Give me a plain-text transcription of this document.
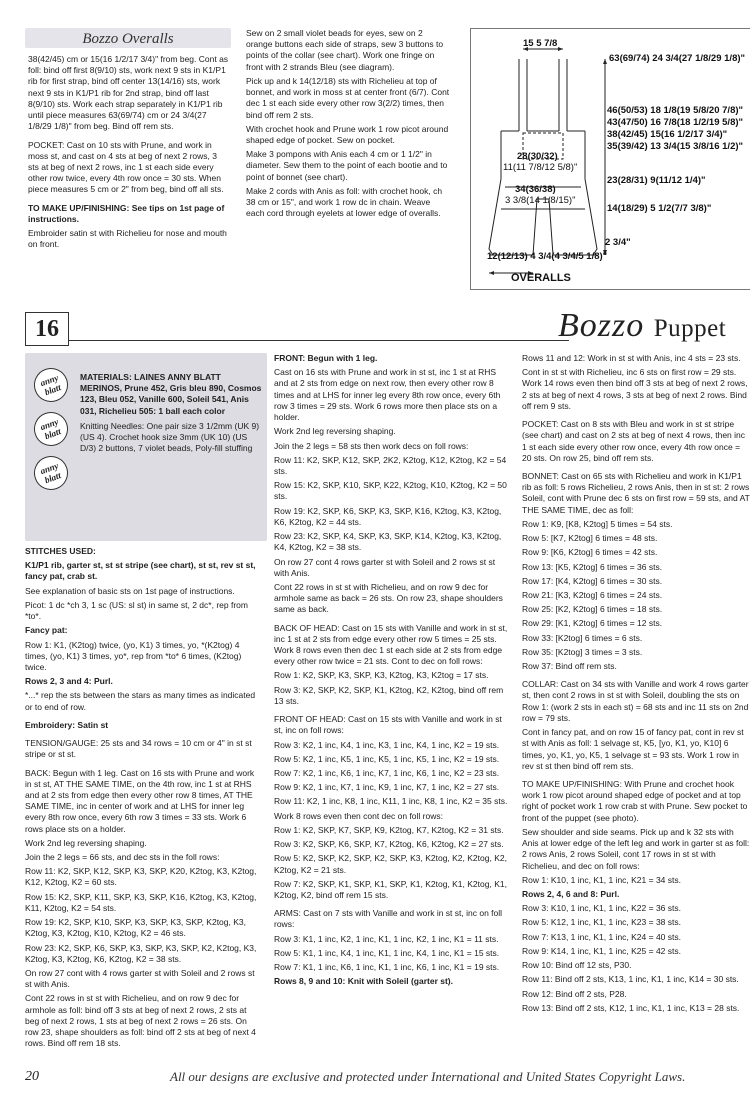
Bozzo Overalls

38(42/45) cm or 15(16 1/2/17 3/4)" from beg. Cont as foll: bind off first 8(9/10) sts, work next 9 sts in K1/P1 rib for first strap, bind off center 13(14/16) sts, work next 9 sts in K1/P1 rib for 2nd strap, bind off last 8(9/10) sts. Work each strap separately in K1/P1 rib until piece measures 63(69/74) cm or 24 3/4(27 1/8/29 1/8)" from beg. Bind off rem sts.

POCKET: Cast on 10 sts with Prune, and work in moss st, and cast on 4 sts at beg of next 2 rows, 3 sts at beg of next 2 rows, inc 1 st each side every other row twice, every 4th row once = 30 sts. When piece measures 5 cm or 2" from beg, bind off all sts.

TO MAKE UP/FINISHING: See tips on 1st page of instructions.

Embroider satin st with Richelieu for nose and mouth on front.

Sew on 2 small violet beads for eyes, sew on 2 orange buttons each side of straps, sew 3 buttons to points of the collar (see chart). Work one fringe on front with 2 strands Bleu (see diagram).

Pick up and k 14(12/18) sts with Richelieu at top of bonnet, and work in moss st at center front (6/7). Cont dec 1 st each side every other row 3(2/2) times, then bind off rem 2 sts.

With crochet hook and Prune work 1 row picot around shaped edge of pocket. Sew on pocket.

Make 3 pompons with Anis each 4 cm or 1 1/2" in diameter. Sew them to the point of each bootie and to point of bonnet (see chart).

Make 2 cords with Anis as foll: with crochet hook, ch 38 cm or 15", and work 1 row dc in chain. Weave each cord through eyelets at lower edge of overalls.

15 5 7/8
63(69/74) 24 3/4(27 1/8/29 1/8)"
46(50/53) 18 1/8(19 5/8/20 7/8)"
43(47/50) 16 7/8(18 1/2/19 5/8)"
38(42/45) 15(16 1/2/17 3/4)"
35(39/42) 13 3/4(15 3/8/16 1/2)"
28(30/32)
11(11 7/8/12 5/8)"
34(36/38)
3 3/8(14 1/8/15)"
23(28/31) 9(11/12 1/4)"
14(18/29) 5 1/2(7/7 3/8)"
2 3/4"
12(12/13) 4 3/4(4 3/4/5 1/8)"
OVERALLS
16	Bozzo Puppet
anny blatt
anny blatt
anny blatt

MATERIALS: LAINES ANNY BLATT MERINOS, Prune 452, Gris bleu 890, Cosmos 123, Bleu 052, Vanille 600, Soleil 541, Anis 031, Richelieu 505: 1 ball each color

Knitting Needles: One pair size 3 1/2mm (UK 9) (US 4). Crochet hook size 3mm (UK 10) (US D/3) 2 buttons, 7 violet beads, Poly-fill stuffing

STITCHES USED:

K1/P1 rib, garter st, st st stripe (see chart), st st, rev st st, fancy pat, crab st.

See explanation of basic sts on 1st page of instructions.

Picot: 1 dc *ch 3, 1 sc (US: sl st) in same st, 2 dc*, rep from *to*.

Fancy pat:

Row 1: K1, (K2tog) twice, (yo, K1) 3 times, yo, *(K2tog) 4 times, (yo, K1) 3 times, yo*, rep from *to* 6 times, (K2tog) twice.

Rows 2, 3 and 4: Purl.

*...* rep the sts between the stars as many times as indicated or to end of row.

Embroidery: Satin st

TENSION/GAUGE: 25 sts and 34 rows = 10 cm or 4" in st st stripe or st st.

BACK: Begun with 1 leg. Cast on 16 sts with Prune and work in st st, AT THE SAME TIME, on the 4th row, inc 1 st at RHS and at 2 sts from edge then every other row 8 times, AT THE SAME TIME, inc in center of work and at LHS for inner leg every 8th row once, every 6th row 3 times = 33 sts. Work 6 rows place sts on a holder.

Work 2nd leg reversing shaping.

Join the 2 legs = 66 sts, and dec sts in the foll rows:

Row 11: K2, SKP, K12, SKP, K3, SKP, K20, K2tog, K3, K2tog, K12, K2tog, K2 = 60 sts.

Row 15: K2, SKP, K11, SKP, K3, SKP, K16, K2tog, K3, K2tog, K11, K2tog, K2 = 54 sts.

Row 19: K2, SKP, K10, SKP, K3, SKP, K3, SKP, K2tog, K3, K2tog, K3, K2tog, K10, K2tog, K2 = 46 sts.

Row 23: K2, SKP, K6, SKP, K3, SKP, K3, SKP, K2, K2tog, K3, K2tog, K3, K2tog, K6, K2tog, K2 = 38 sts.

On row 27 cont with 4 rows garter st with Soleil and 2 rows st st with Anis.

Cont 22 rows in st st with Richelieu, and on row 9 dec for armhole as foll: bind off 3 sts at beg of next 2 rows, 2 sts at beg of next 2 rows, 1 sts at beg of next 2 rows = 26 sts. On row 23, shape shoulders as foll: bind off 2 sts at beg of next 4 rows. Bind off rem 18 sts.

FRONT: Begun with 1 leg.

Cast on 16 sts with Prune and work in st st, inc 1 st at RHS and at 2 sts from edge on next row, then every other row 8 times and at LHS for inner leg every 8th row once, every 6th row 3 times = 29 sts. Work 6 rows more then place sts on a holder.

Work 2nd leg reversing shaping.

Join the 2 legs = 58 sts then work decs on foll rows:

Row 11: K2, SKP, K12, SKP, 2K2, K2tog, K12, K2tog, K2 = 54 sts.

Row 15: K2, SKP, K10, SKP, K22, K2tog, K10, K2tog, K2 = 50 sts.

Row 19: K2, SKP, K6, SKP, K3, SKP, K16, K2tog, K3, K2tog, K6, K2tog, K2 = 44 sts.

Row 23: K2, SKP, K4, SKP, K3, SKP, K14, K2tog, K3, K2tog, K4, K2tog, K2 = 38 sts.

On row 27 cont 4 rows garter st with Soleil and 2 rows st st with Anis.

Cont 22 rows in st st with Richelieu, and on row 9 dec for armhole same as back = 26 sts. On row 23, shape shoulders same as back.

BACK OF HEAD: Cast on 15 sts with Vanille and work in st st, inc 1 st at 2 sts from edge every other row 5 times = 25 sts. Work 8 rows even then dec 1 st each side at 2 sts from edge every other row twice = 21 sts. Cont to dec on foll rows:

Row 1: K2, SKP, K3, SKP, K3, K2tog, K3, K2tog = 17 sts.

Row 3: K2, SKP, K2, SKP, K1, K2tog, K2, K2tog, bind off rem 13 sts.

FRONT OF HEAD: Cast on 15 sts with Vanille and work in st st, inc on foll rows:

Row 3: K2, 1 inc, K4, 1 inc, K3, 1 inc, K4, 1 inc, K2 = 19 sts.

Row 5: K2, 1 inc, K5, 1 inc, K5, 1 inc, K5, 1 inc, K2 = 19 sts.

Row 7: K2, 1 inc, K6, 1 inc, K7, 1 inc, K6, 1 inc, K2 = 23 sts.

Row 9: K2, 1 inc, K7, 1 inc, K9, 1 inc, K7, 1 inc, K2 = 27 sts.

Row 11: K2, 1 inc, K8, 1 inc, K11, 1 inc, K8, 1 inc, K2 = 35 sts.

Work 8 rows even then cont dec on foll rows:

Row 1: K2, SKP, K7, SKP, K9, K2tog, K7, K2tog, K2 = 31 sts.

Row 3: K2, SKP, K6, SKP, K7, K2tog, K6, K2tog, K2 = 27 sts.

Row 5: K2, SKP, K2, SKP, K2, SKP, K3, K2tog, K2, K2tog, K2, K2tog, K2 = 21 sts.

Row 7: K2, SKP, K1, SKP, K1, SKP, K1, K2tog, K1, K2tog, K1, K2tog, K2, bind off rem 15 sts.

ARMS: Cast on 7 sts with Vanille and work in st st, inc on foll rows:

Row 3: K1, 1 inc, K2, 1 inc, K1, 1 inc, K2, 1 inc, K1 = 11 sts.

Row 5: K1, 1 inc, K4, 1 inc, K1, 1 inc, K4, 1 inc, K1 = 15 sts.

Row 7: K1, 1 inc, K6, 1 inc, K1, 1 inc, K6, 1 inc, K1 = 19 sts.

Rows 8, 9 and 10: Knit with Soleil (garter st).

Rows 11 and 12: Work in st st with Anis, inc 4 sts = 23 sts.

Cont in st st with Richelieu, inc 6 sts on first row = 29 sts. Work 14 rows even then bind off 3 sts at beg of next 2 rows, 2 sts at beg of next 4 rows, 3 sts at beg of next 2 rows. Bind off rem 9 sts.

POCKET: Cast on 8 sts with Bleu and work in st st stripe (see chart) and cast on 2 sts at beg of next 4 rows, then inc 1 st each side every other row once, every 4th row once = 20 sts. On row 25, bind off rem sts.

BONNET: Cast on 65 sts with Richelieu and work in K1/P1 rib as foll: 5 rows Richelieu, 2 rows Anis, then in st st: 2 rows Soleil, cont with Prune dec 6 sts on first row = 59 sts, and AT THE SAME TIME, dec as foll:

Row 1: K9, [K8, K2tog] 5 times = 54 sts.

Row 5: [K7, K2tog] 6 times = 48 sts.

Row 9: [K6, K2tog] 6 times = 42 sts.

Row 13: [K5, K2tog] 6 times = 36 sts.

Row 17: [K4, K2tog] 6 times = 30 sts.

Row 21: [K3, K2tog] 6 times = 24 sts.

Row 25: [K2, K2tog] 6 times = 18 sts.

Row 29: [K1, K2tog] 6 times = 12 sts.

Row 33: [K2tog] 6 times = 6 sts.

Row 35: [K2tog] 3 times = 3 sts.

Row 37: Bind off rem sts.

COLLAR: Cast on 34 sts with Vanille and work 4 rows garter st, then cont 2 rows in st st with Soleil, doubling the sts on Row 1: (work 2 sts in each st) = 68 sts and inc 11 sts on 2nd row = 79 sts.

Cont in fancy pat, and on row 15 of fancy pat, cont in rev st st with Anis as foll: 1 selvage st, K5, [yo, K1, yo, K10] 6 times, yo, K1, yo, K5, 1 selvage st = 93 sts. Work 1 row in rev st st then bind off rem sts.

TO MAKE UP/FINISHING: With Prune and crochet hook work 1 row picot around shaped edge of pocket and at top right of pocket work 1 row crab st with Prune. Sew pocket to front of the puppet (see photo).

Sew shoulder and side seams. Pick up and k 32 sts with Anis at lower edge of the left leg and work in garter st as foll: 2 rows Anis, 2 rows Soleil, cont 17 rows in st st with Richelieu, and dec on foll rows:

Row 1: K10, 1 inc, K1, 1 inc, K21 = 34 sts.

Rows 2, 4, 6 and 8: Purl.

Row 3: K10, 1 inc, K1, 1 inc, K22 = 36 sts.

Row 5: K12, 1 inc, K1, 1 inc, K23 = 38 sts.

Row 7: K13, 1 inc, K1, 1 inc, K24 = 40 sts.

Row 9: K14, 1 inc, K1, 1 inc, K25 = 42 sts.

Row 10: Bind off 12 sts, P30.

Row 11: Bind off 2 sts, K13, 1 inc, K1, 1 inc, K14 = 30 sts.

Row 12: Bind off 2 sts, P28.

Row 13: Bind off 2 sts, K12, 1 inc, K1, 1 inc, K13 = 28 sts.

20	All our designs are exclusive and protected under International and United States Copyright Laws.
